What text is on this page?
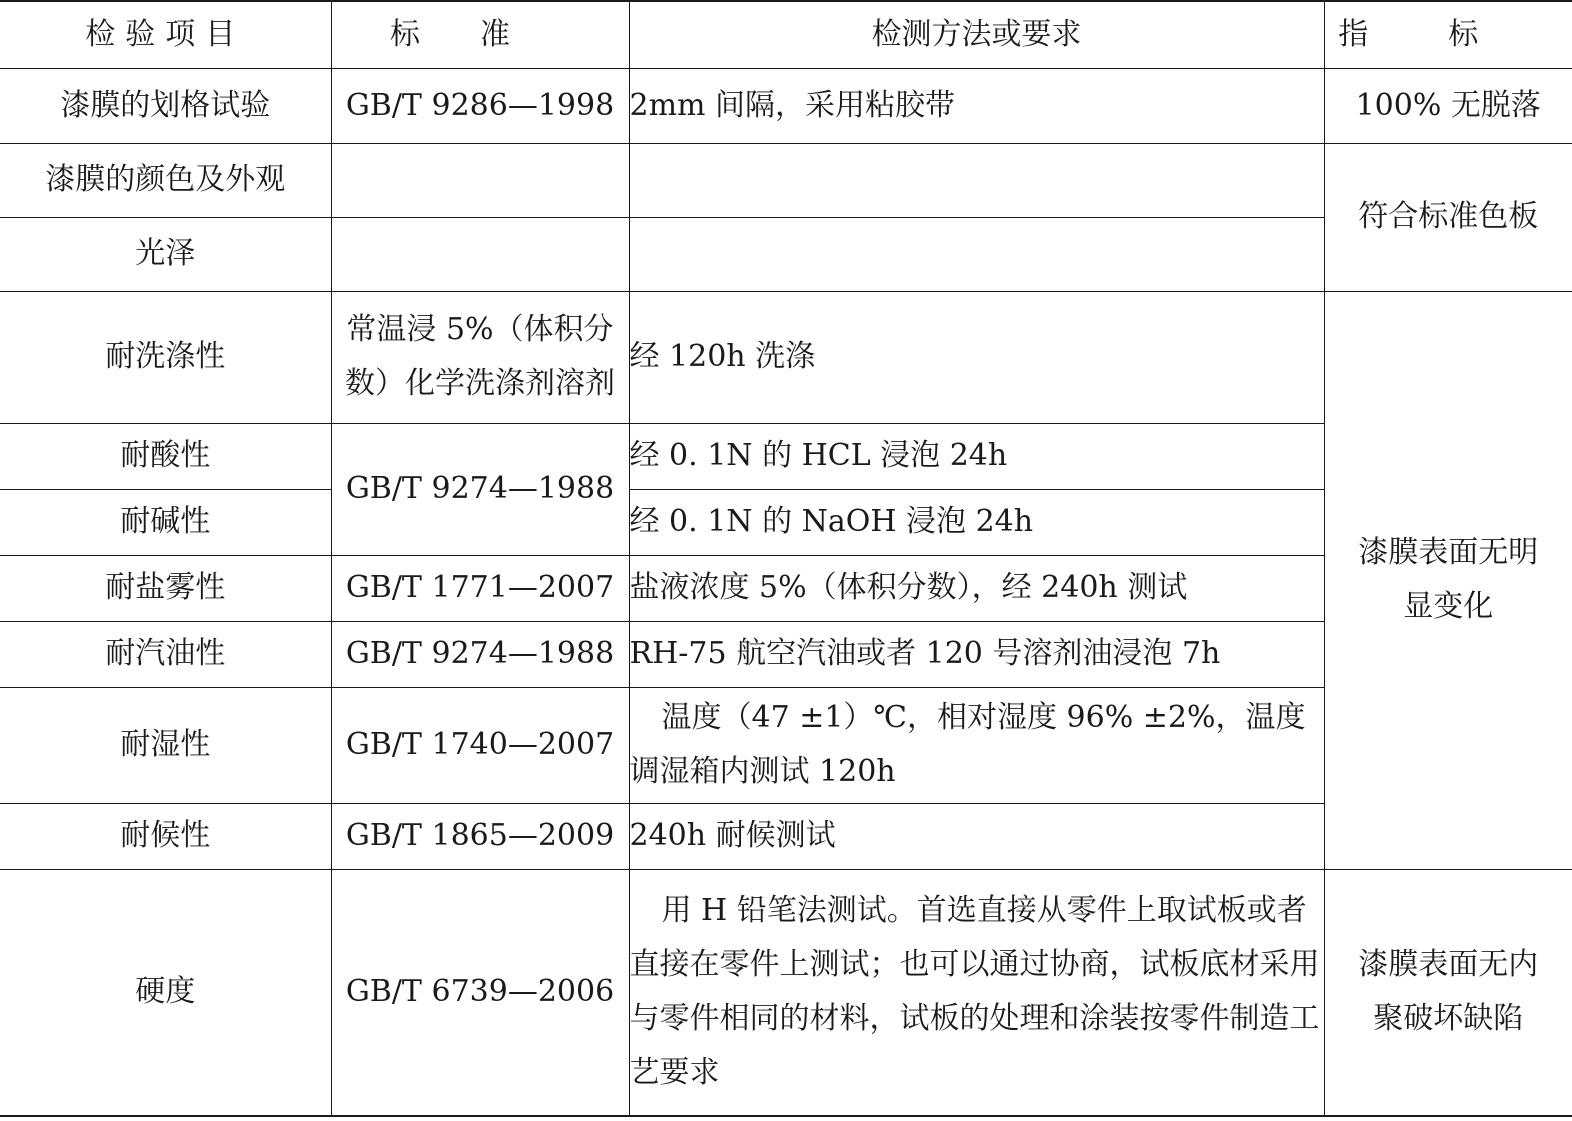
检验项目	标准	检测方法或要求	指标
漆膜的划格试验	GB/T 9286—1998	2mm 间隔，采用粘胶带	100% 无脱落
漆膜的颜色及外观			符合标准色板
光泽			
耐洗涤性	常温浸 5%（体积分数）化学洗涤剂溶剂	经 120h 洗涤	漆膜表面无明显变化
耐酸性	GB/T 9274—1988	经 0. 1N 的 HCL 浸泡 24h	
耐碱性		经 0. 1N 的 NaOH 浸泡 24h	
耐盐雾性	GB/T 1771—2007	盐液浓度 5%（体积分数），经 240h 测试	
耐汽油性	GB/T 9274—1988	RH-75 航空汽油或者 120 号溶剂油浸泡 7h	
耐湿性	GB/T 1740—2007	温度（47 ±1）℃，相对湿度 96% ±2%，温度调湿箱内测试 120h	
耐候性	GB/T 1865—2009	240h 耐候测试	
硬度	GB/T 6739—2006	用 H 铅笔法测试。首选直接从零件上取试板或者直接在零件上测试；也可以通过协商，试板底材采用与零件相同的材料，试板的处理和涂装按零件制造工艺要求	漆膜表面无内聚破坏缺陷
